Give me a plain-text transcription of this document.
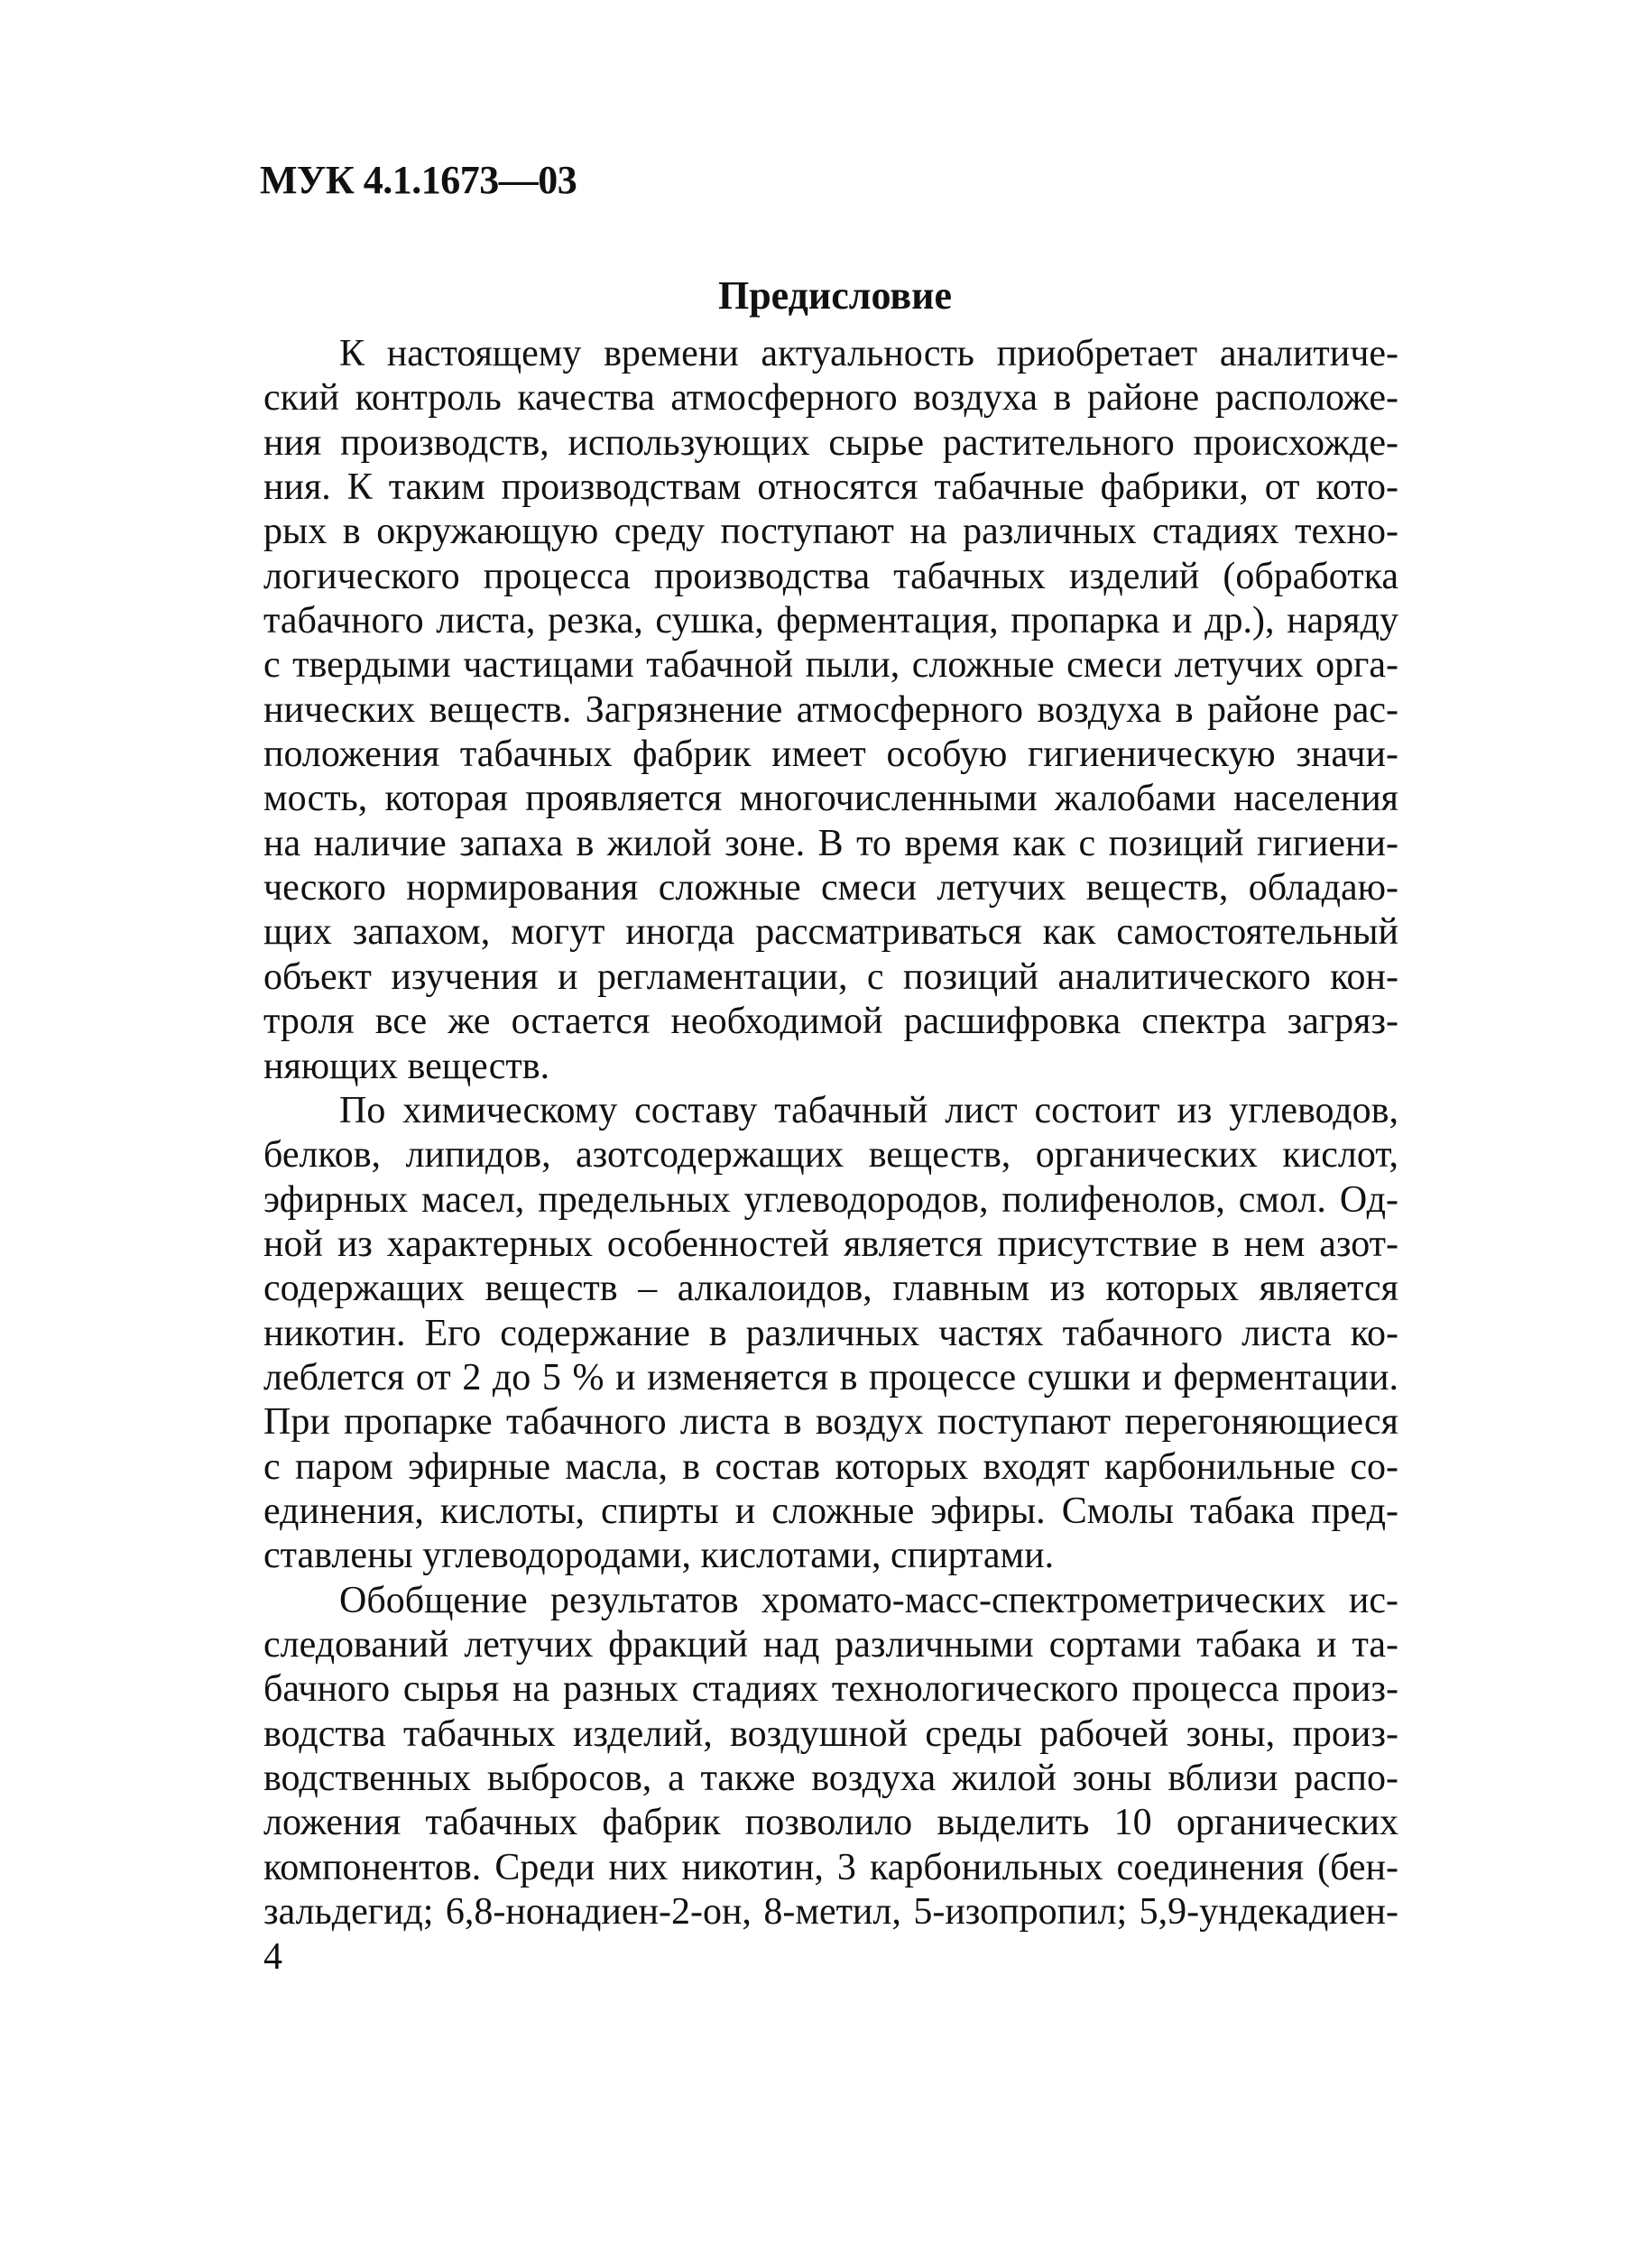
МУК 4.1.1673—03
Предисловие

К настоящему времени актуальность приобретает аналитиче-
ский контроль качества атмосферного воздуха в районе расположе-
ния производств, использующих сырье растительного происхожде-
ния. К таким производствам относятся табачные фабрики, от кото-
рых в окружающую среду поступают на различных стадиях техно-
логического процесса производства табачных изделий (обработка
табачного листа, резка, сушка, ферментация, пропарка и др.), наряду
с твердыми частицами табачной пыли, сложные смеси летучих орга-
нических веществ. Загрязнение атмосферного воздуха в районе рас-
положения табачных фабрик имеет особую гигиеническую значи-
мость, которая проявляется многочисленными жалобами населения
на наличие запаха в жилой зоне. В то время как с позиций гигиени-
ческого нормирования сложные смеси летучих веществ, обладаю-
щих запахом, могут иногда рассматриваться как самостоятельный
объект изучения и регламентации, с позиций аналитического кон-
троля все же остается необходимой расшифровка спектра загряз-
няющих веществ.

По химическому составу табачный лист состоит из углеводов,
белков, липидов, азотсодержащих веществ, органических кислот,
эфирных масел, предельных углеводородов, полифенолов, смол. Од-
ной из характерных особенностей является присутствие в нем азот-
содержащих веществ – алкалоидов, главным из которых является
никотин. Его содержание в различных частях табачного листа ко-
леблется от 2 до 5 % и изменяется в процессе сушки и ферментации.
При пропарке табачного листа в воздух поступают перегоняющиеся
с паром эфирные масла, в состав которых входят карбонильные со-
единения, кислоты, спирты и сложные эфиры. Смолы табака пред-
ставлены углеводородами, кислотами, спиртами.

Обобщение результатов хромато-масс-спектрометрических ис-
следований летучих фракций над различными сортами табака и та-
бачного сырья на разных стадиях технологического процесса произ-
водства табачных изделий, воздушной среды рабочей зоны, произ-
водственных выбросов, а также воздуха жилой зоны вблизи распо-
ложения табачных фабрик позволило выделить 10 органических
компонентов. Среди них никотин, 3 карбонильных соединения (бен-
зальдегид; 6,8-нонадиен-2-он, 8-метил, 5-изопропил; 5,9-ундекадиен-

4
